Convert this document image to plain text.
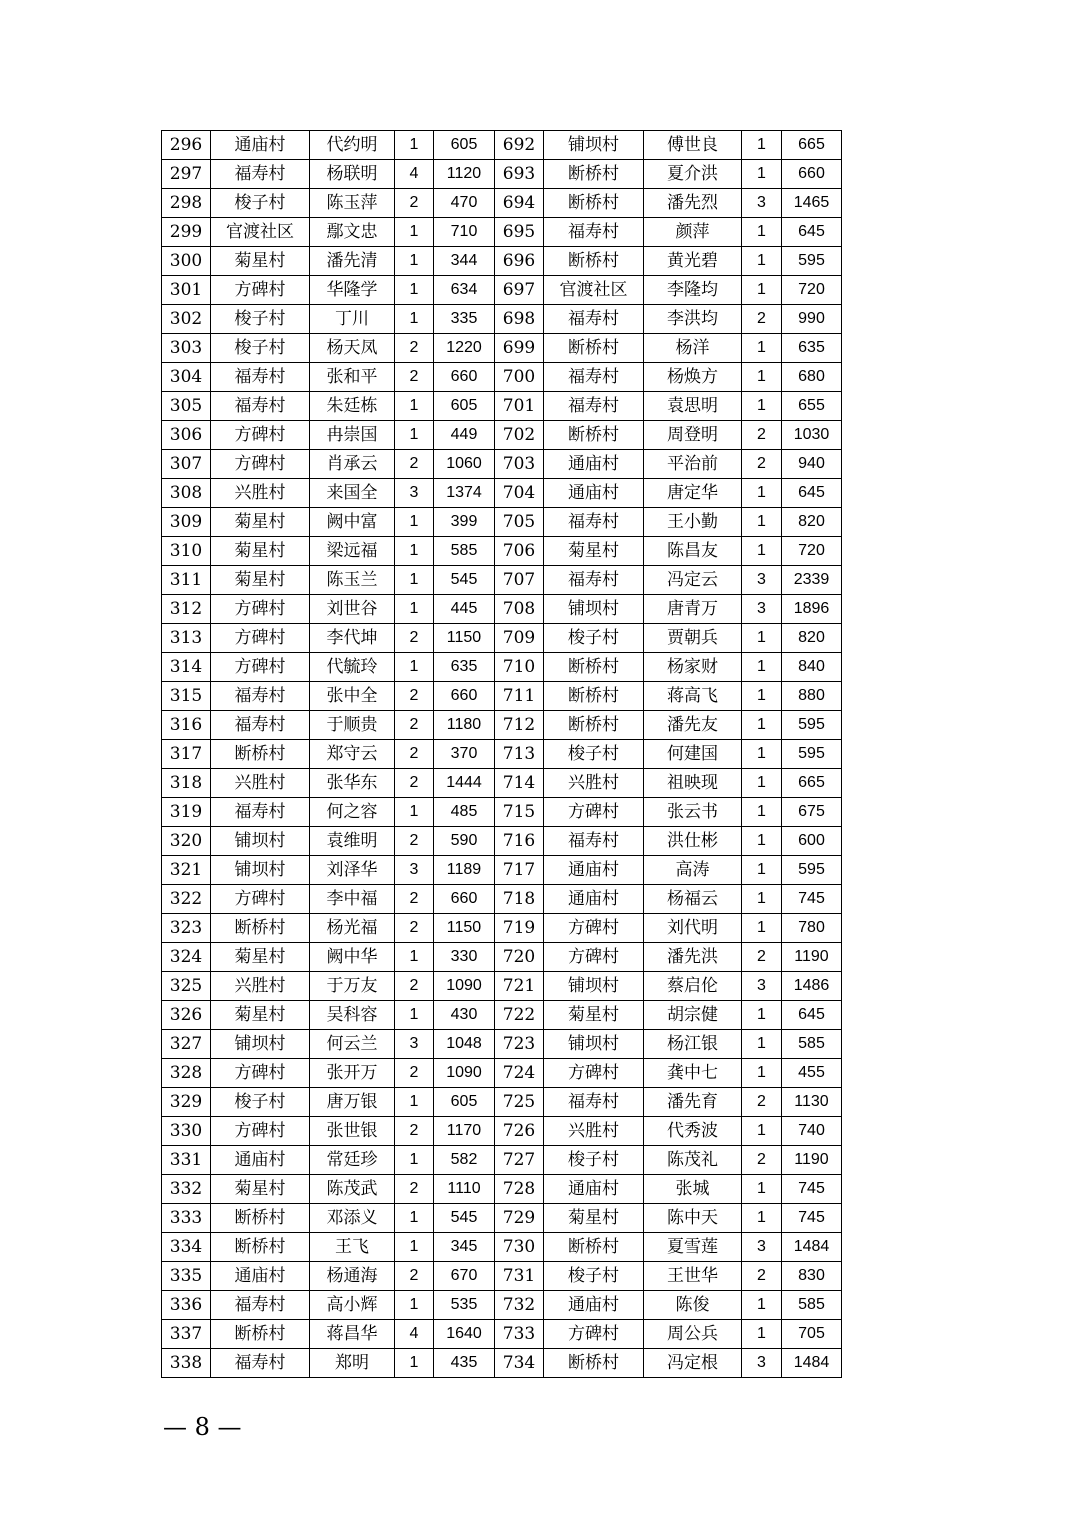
296	通庙村	代约明	1	605	692	铺坝村	傅世良	1	665
297	福寿村	杨联明	4	1120	693	断桥村	夏介洪	1	660
298	梭子村	陈玉萍	2	470	694	断桥村	潘先烈	3	1465
299	官渡社区	鄢文忠	1	710	695	福寿村	颜萍	1	645
300	菊星村	潘先清	1	344	696	断桥村	黄光碧	1	595
301	方碑村	华隆学	1	634	697	官渡社区	李隆均	1	720
302	梭子村	丁川	1	335	698	福寿村	李洪均	2	990
303	梭子村	杨天凤	2	1220	699	断桥村	杨洋	1	635
304	福寿村	张和平	2	660	700	福寿村	杨焕方	1	680
305	福寿村	朱廷栋	1	605	701	福寿村	袁思明	1	655
306	方碑村	冉崇国	1	449	702	断桥村	周登明	2	1030
307	方碑村	肖承云	2	1060	703	通庙村	平治前	2	940
308	兴胜村	来国全	3	1374	704	通庙村	唐定华	1	645
309	菊星村	阙中富	1	399	705	福寿村	王小勤	1	820
310	菊星村	梁远福	1	585	706	菊星村	陈昌友	1	720
311	菊星村	陈玉兰	1	545	707	福寿村	冯定云	3	2339
312	方碑村	刘世谷	1	445	708	铺坝村	唐青万	3	1896
313	方碑村	李代坤	2	1150	709	梭子村	贾朝兵	1	820
314	方碑村	代毓玲	1	635	710	断桥村	杨家财	1	840
315	福寿村	张中全	2	660	711	断桥村	蒋高飞	1	880
316	福寿村	于顺贵	2	1180	712	断桥村	潘先友	1	595
317	断桥村	郑守云	2	370	713	梭子村	何建国	1	595
318	兴胜村	张华东	2	1444	714	兴胜村	祖映现	1	665
319	福寿村	何之容	1	485	715	方碑村	张云书	1	675
320	铺坝村	袁维明	2	590	716	福寿村	洪仕彬	1	600
321	铺坝村	刘泽华	3	1189	717	通庙村	高涛	1	595
322	方碑村	李中福	2	660	718	通庙村	杨福云	1	745
323	断桥村	杨光福	2	1150	719	方碑村	刘代明	1	780
324	菊星村	阙中华	1	330	720	方碑村	潘先洪	2	1190
325	兴胜村	于万友	2	1090	721	铺坝村	蔡启伦	3	1486
326	菊星村	吴科容	1	430	722	菊星村	胡宗健	1	645
327	铺坝村	何云兰	3	1048	723	铺坝村	杨江银	1	585
328	方碑村	张开万	2	1090	724	方碑村	龚中七	1	455
329	梭子村	唐万银	1	605	725	福寿村	潘先育	2	1130
330	方碑村	张世银	2	1170	726	兴胜村	代秀波	1	740
331	通庙村	常廷珍	1	582	727	梭子村	陈茂礼	2	1190
332	菊星村	陈茂武	2	1110	728	通庙村	张城	1	745
333	断桥村	邓添义	1	545	729	菊星村	陈中天	1	745
334	断桥村	王飞	1	345	730	断桥村	夏雪莲	3	1484
335	通庙村	杨通海	2	670	731	梭子村	王世华	2	830
336	福寿村	高小辉	1	535	732	通庙村	陈俊	1	585
337	断桥村	蒋昌华	4	1640	733	方碑村	周公兵	1	705
338	福寿村	郑明	1	435	734	断桥村	冯定根	3	1484
— 8 —
